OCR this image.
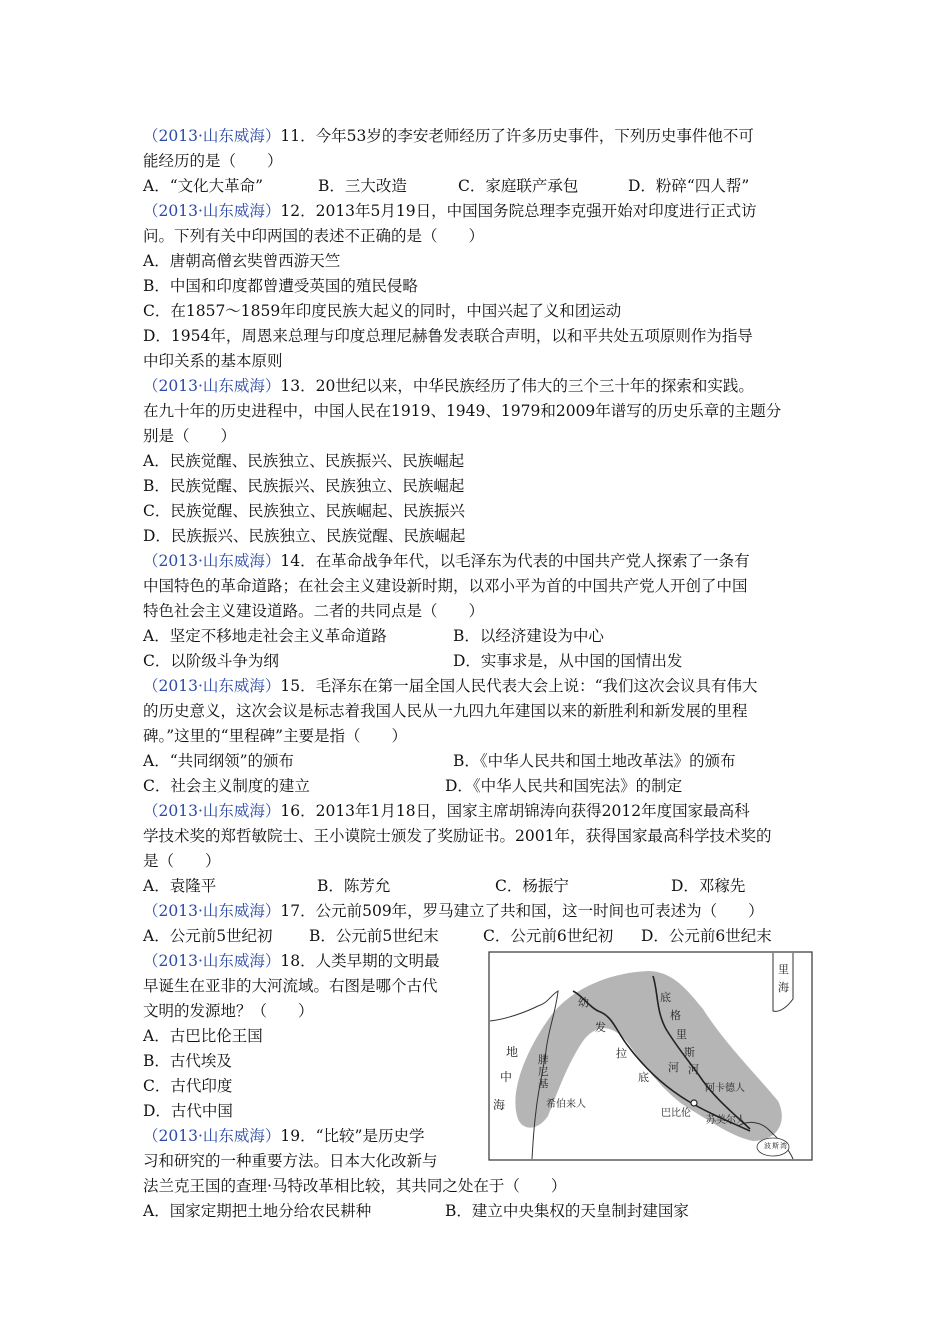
（2013·山东威海）11．今年53岁的李安老师经历了许多历史事件，下列历史事件他不可
能经历的是（　　）
A．“文化大革命”	B．三大改造	C．家庭联产承包	D．粉碎“四人帮”
（2013·山东威海）12．2013年5月19日，中国国务院总理李克强开始对印度进行正式访
问。下列有关中印两国的表述不正确的是（　　）
A．唐朝高僧玄奘曾西游天竺
B．中国和印度都曾遭受英国的殖民侵略
C．在1857～1859年印度民族大起义的同时，中国兴起了义和团运动
D．1954年，周恩来总理与印度总理尼赫鲁发表联合声明，以和平共处五项原则作为指导
中印关系的基本原则
（2013·山东威海）13．20世纪以来，中华民族经历了伟大的三个三十年的探索和实践。
在九十年的历史进程中，中国人民在1919、1949、1979和2009年谱写的历史乐章的主题分
别是（　　）
A．民族觉醒、民族独立、民族振兴、民族崛起
B．民族觉醒、民族振兴、民族独立、民族崛起
C．民族觉醒、民族独立、民族崛起、民族振兴
D．民族振兴、民族独立、民族觉醒、民族崛起
（2013·山东威海）14．在革命战争年代，以毛泽东为代表的中国共产党人探索了一条有
中国特色的革命道路；在社会主义建设新时期，以邓小平为首的中国共产党人开创了中国
特色社会主义建设道路。二者的共同点是（　　）
A．坚定不移地走社会主义革命道路	B．以经济建设为中心
C．以阶级斗争为纲	D．实事求是，从中国的国情出发
（2013·山东威海）15．毛泽东在第一届全国人民代表大会上说：“我们这次会议具有伟大
的历史意义，这次会议是标志着我国人民从一九四九年建国以来的新胜利和新发展的里程
碑。”这里的“里程碑”主要是指（　　）
A．“共同纲领”的颁布	B．《中华人民共和国土地改革法》的颁布
C．社会主义制度的建立	D．《中华人民共和国宪法》的制定
（2013·山东威海）16．2013年1月18日，国家主席胡锦涛向获得2012年度国家最高科
学技术奖的郑哲敏院士、王小谟院士颁发了奖励证书。2001年，获得国家最高科学技术奖的
是（　　）
A．袁隆平	B．陈芳允	C．杨振宁	D．邓稼先
（2013·山东威海）17．公元前509年，罗马建立了共和国，这一时间也可表述为（　　）
A．公元前5世纪初	B．公元前5世纪末	C．公元前6世纪初	D．公元前6世纪末
（2013·山东威海）18．人类早期的文明最
早诞生在亚非的大河流域。右图是哪个古代
文明的发源地？（　　）
A．古巴比伦王国
B．古代埃及
C．古代印度
D．古代中国
里
海
地
中
海
腓
尼
基
幼
发
拉
底
底
格
里
斯
河
河
希伯来人
阿卡德人
巴比伦
苏美尔人
波 斯 湾
（2013·山东威海）19．“比较”是历史学
习和研究的一种重要方法。日本大化改新与
法兰克王国的查理·马特改革相比较，其共同之处在于（　　）
A．国家定期把土地分给农民耕种	B．建立中央集权的天皇制封建国家
